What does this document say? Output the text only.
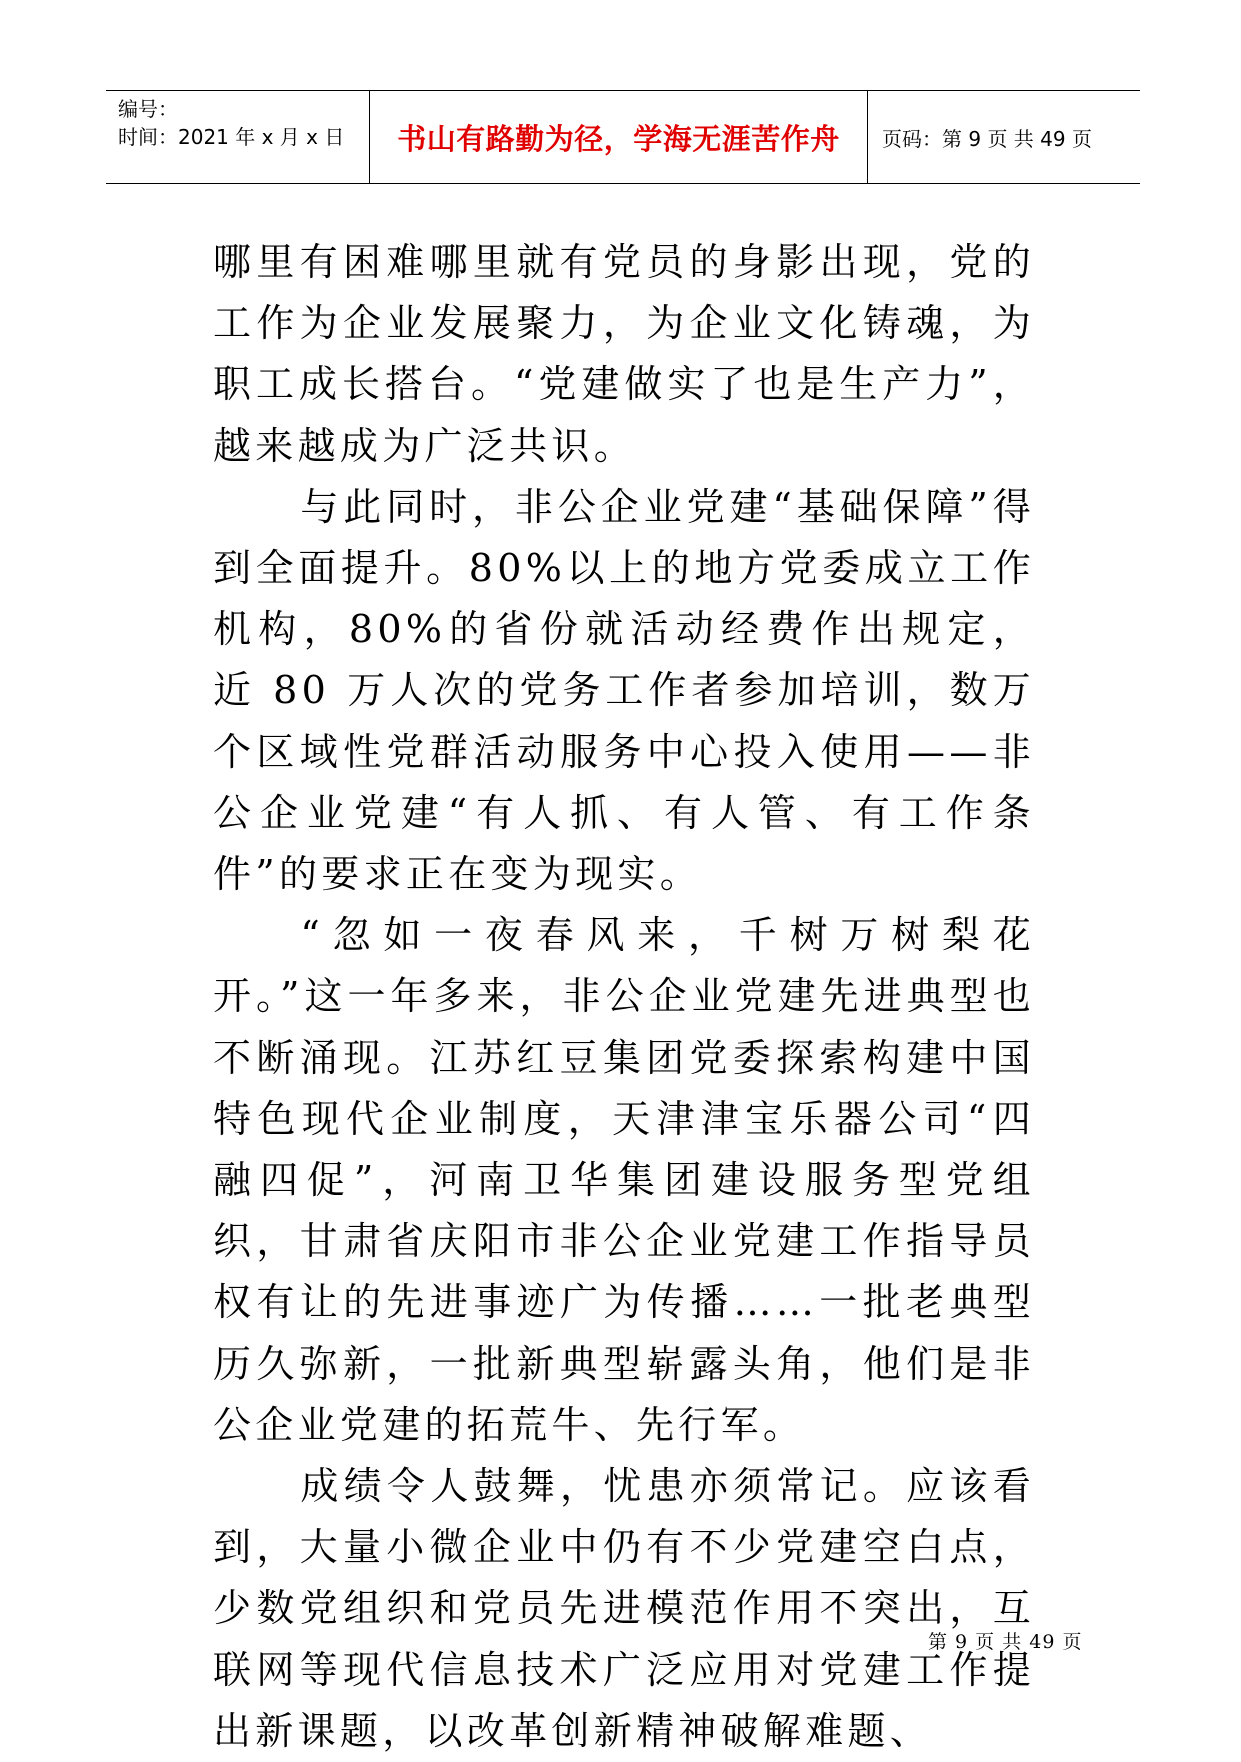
编号：
时间：2021 年 x 月 x 日	书山有路勤为径，学海无涯苦作舟	页码：第 9 页 共 49 页

哪里有困难哪里就有党员的身影出现，党的工作为企业发展聚力，为企业文化铸魂，为职工成长搭台。“党建做实了也是生产力”，越来越成为广泛共识。

与此同时，非公企业党建“基础保障”得到全面提升。80%以上的地方党委成立工作机构，80%的省份就活动经费作出规定， 近 80 万人次的党务工作者参加培训，数万个区域性党群活动服务中心投入使用——非公企业党建“有人抓、有人管、有工作条件”的要求正在变为现实。

“忽如一夜春风来，千树万树梨花开。”这一年多来，非公企业党建先进典型也不断涌现。江苏红豆集团党委探索构建中国特色现代企业制度，天津津宝乐器公司“四融四促”，河南卫华集团建设服务型党组织，甘肃省庆阳市非公企业党建工作指导员权有让的先进事迹广为传播……一批老典型历久弥新，一批新典型崭露头角，他们是非公企业党建的拓荒牛、先行军。

成绩令人鼓舞，忧患亦须常记。应该看到，大量小微企业中仍有不少党建空白点，少数党组织和党员先进模范作用不突出，互联网等现代信息技术广泛应用对党建工作提出新课题，以改革创新精神破解难题、

第 9 页 共 49 页
